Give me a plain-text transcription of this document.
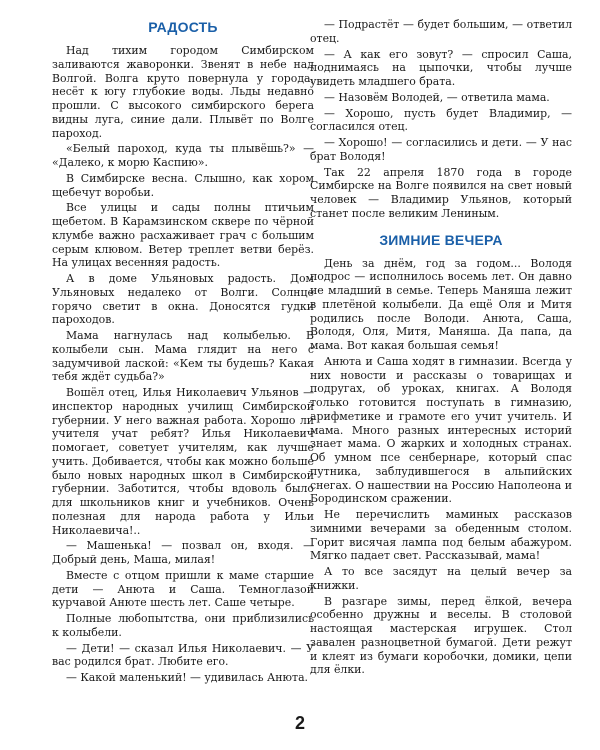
РАДОСТЬ

Над тихим городом Симбирском заливаются жаворонки. Звенят в небе над Волгой. Волга круто повернула у города, несёт к югу глубокие воды. Льды недавно прошли. С высокого симбирского берега видны луга, синие дали. Плывёт по Волге пароход.

«Белый пароход, куда ты плывёшь?» — «Далеко, к морю Каспию».

В Симбирске весна. Слышно, как хором щебечут воробьи.

Все улицы и сады полны птичьим щебетом. В Карамзинском сквере по чёрной клумбе важно расхаживает грач с большим серым клювом. Ветер треплет ветви берёз. На улицах весенняя радость.

А в доме Ульяновых радость. Дом Ульяновых недалеко от Волги. Солнце горячо светит в окна. Доносятся гудки пароходов.

Мама нагнулась над колыбелью. В колыбели сын. Мама глядит на него с задумчивой лаской: «Кем ты будешь? Какая тебя ждёт судьба?»

Вошёл отец, Илья Николаевич Ульянов — инспектор народных училищ Симбирской губернии. У него важная работа. Хорошо ли учителя учат ребят? Илья Николаевич помогает, советует учителям, как лучше учить. Добивается, чтобы как можно больше было новых народных школ в Симбирской губернии. Заботится, чтобы вдоволь было для школьников книг и учебников. Очень полезная для народа работа у Ильи Николаевича!..

— Машенька! — позвал он, входя. — Добрый день, Маша, милая!

Вместе с отцом пришли к маме старшие дети — Анюта и Саша. Темноглазой курчавой Анюте шесть лет. Саше четыре.

Полные любопытства, они приблизились к колыбели.

— Дети! — сказал Илья Николаевич. — У вас родился брат. Любите его.

— Какой маленький! — удивилась Анюта.

— Подрастёт — будет большим, — ответил отец.

— А как его зовут? — спросил Саша, поднимаясь на цыпочки, чтобы лучше увидеть младшего брата.

— Назовём Володей, — ответила мама.

— Хорошо, пусть будет Владимир, — согласился отец.

— Хорошо! — согласились и дети. — У нас брат Володя!

Так 22 апреля 1870 года в городе Симбирске на Волге появился на свет новый человек — Владимир Ульянов, который станет после великим Лениным.

ЗИМНИЕ ВЕЧЕРА

День за днём, год за годом... Володя подрос — исполнилось восемь лет. Он давно не младший в семье. Теперь Маняша лежит в плетёной колыбели. Да ещё Оля и Митя родились после Володи. Анюта, Саша, Володя, Оля, Митя, Маняша. Да папа, да мама. Вот какая большая семья!

Анюта и Саша ходят в гимназии. Всегда у них новости и рассказы о товарищах и подругах, об уроках, книгах. А Володя только готовится поступать в гимназию, арифметике и грамоте его учит учитель. И мама. Много разных интересных историй знает мама. О жарких и холодных странах. Об умном псе сенбернаре, который спас путника, заблудившегося в альпийских снегах. О нашествии на Россию Наполеона и Бородинском сражении.

Не перечислить маминых рассказов зимними вечерами за обеденным столом. Горит висячая лампа под белым абажуром. Мягко падает свет. Рассказывай, мама!

А то все засядут на целый вечер за книжки.

В разгаре зимы, перед ёлкой, вечера особенно дружны и веселы. В столовой настоящая мастерская игрушек. Стол завален разноцветной бумагой. Дети режут и клеят из бумаги коробочки, домики, цепи для ёлки.

2
